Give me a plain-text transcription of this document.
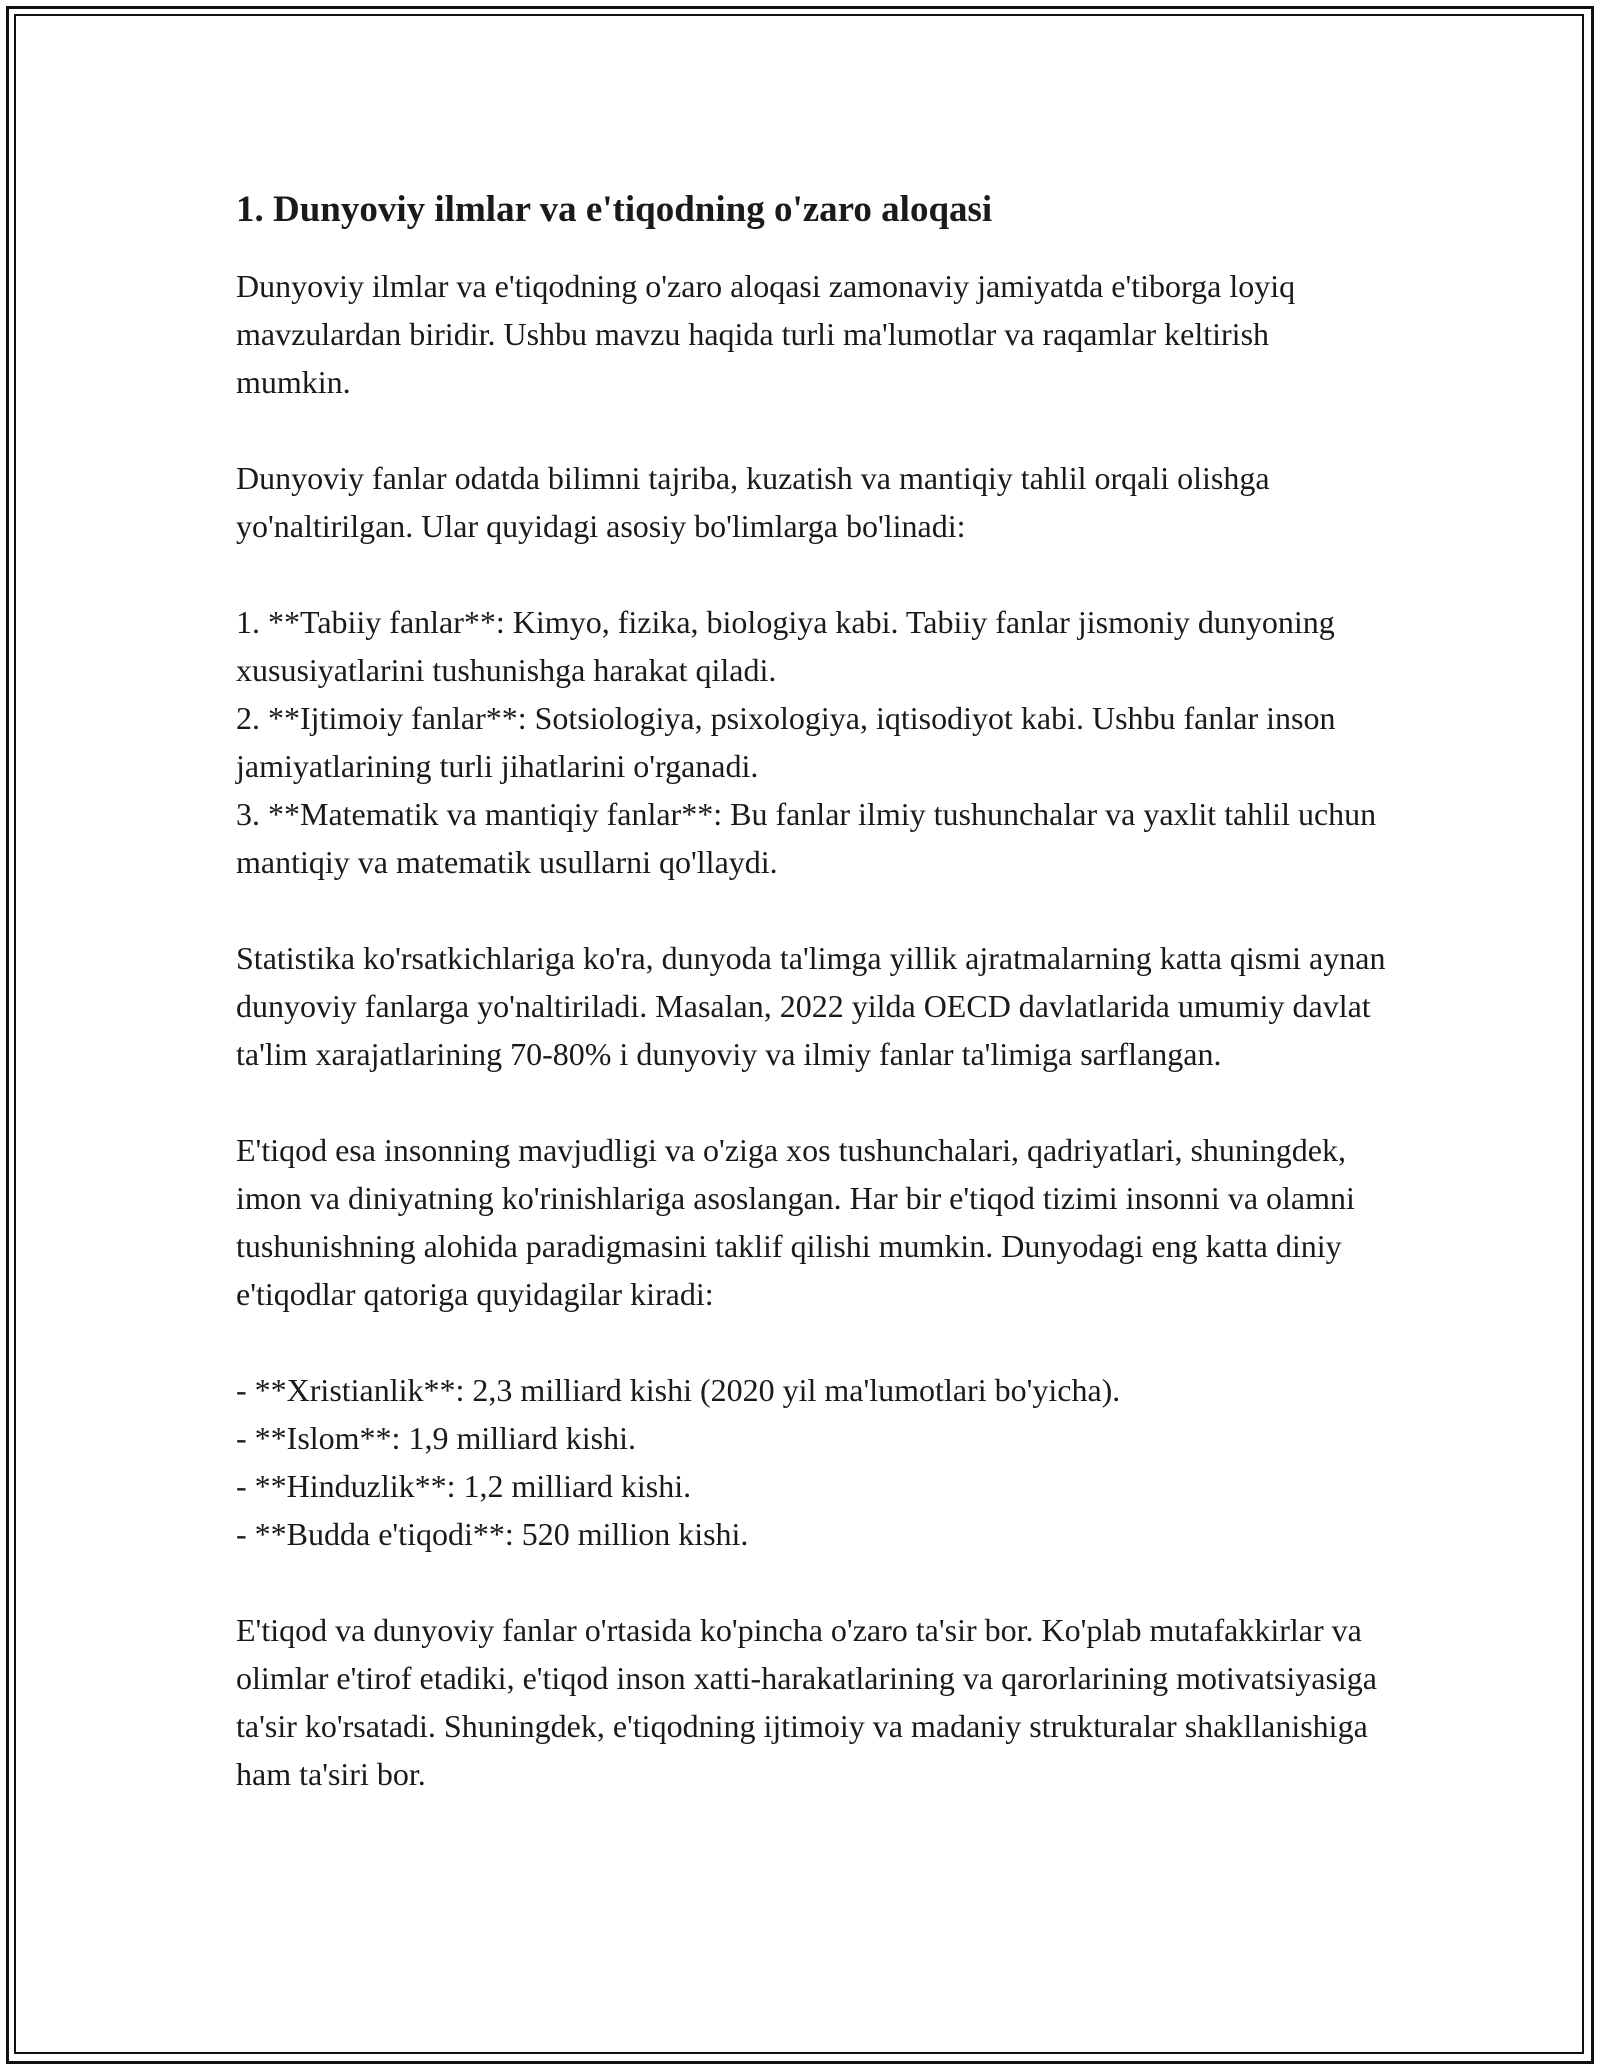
1. Dunyoviy ilmlar va e'tiqodning o'zaro aloqasi

Dunyoviy ilmlar va e'tiqodning o'zaro aloqasi zamonaviy jamiyatda e'tiborga loyiq mavzulardan biridir. Ushbu mavzu haqida turli ma'lumotlar va raqamlar keltirish mumkin.

Dunyoviy fanlar odatda bilimni tajriba, kuzatish va mantiqiy tahlil orqali olishga yo'naltirilgan. Ular quyidagi asosiy bo'limlarga bo'linadi:

1. **Tabiiy fanlar**: Kimyo, fizika, biologiya kabi. Tabiiy fanlar jismoniy dunyoning xususiyatlarini tushunishga harakat qiladi.
2. **Ijtimoiy fanlar**: Sotsiologiya, psixologiya, iqtisodiyot kabi. Ushbu fanlar inson jamiyatlarining turli jihatlarini o'rganadi.
3. **Matematik va mantiqiy fanlar**: Bu fanlar ilmiy tushunchalar va yaxlit tahlil uchun mantiqiy va matematik usullarni qo'llaydi.

Statistika ko'rsatkichlariga ko'ra, dunyoda ta'limga yillik ajratmalarning katta qismi aynan dunyoviy fanlarga yo'naltiriladi. Masalan, 2022 yilda OECD davlatlarida umumiy davlat ta'lim xarajatlarining 70-80% i dunyoviy va ilmiy fanlar ta'limiga sarflangan.

E'tiqod esa insonning mavjudligi va o'ziga xos tushunchalari, qadriyatlari, shuningdek, imon va diniyatning ko'rinishlariga asoslangan. Har bir e'tiqod tizimi insonni va olamni tushunishning alohida paradigmasini taklif qilishi mumkin. Dunyodagi eng katta diniy e'tiqodlar qatoriga quyidagilar kiradi:

- **Xristianlik**: 2,3 milliard kishi (2020 yil ma'lumotlari bo'yicha).
- **Islom**: 1,9 milliard kishi.
- **Hinduzlik**: 1,2 milliard kishi.
- **Budda e'tiqodi**: 520 million kishi.

E'tiqod va dunyoviy fanlar o'rtasida ko'pincha o'zaro ta'sir bor. Ko'plab mutafakkirlar va olimlar e'tirof etadiki, e'tiqod inson xatti-harakatlarining va qarorlarining motivatsiyasiga ta'sir ko'rsatadi. Shuningdek, e'tiqodning ijtimoiy va madaniy strukturalar shakllanishiga ham ta'siri bor.
